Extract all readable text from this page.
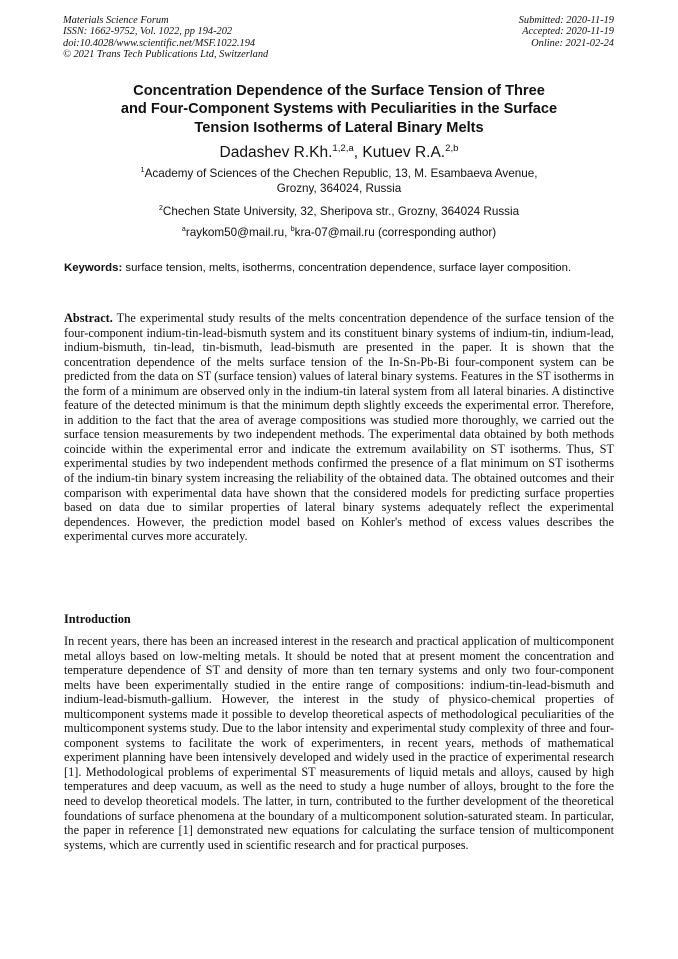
Materials Science Forum
ISSN: 1662-9752, Vol. 1022, pp 194-202
doi:10.4028/www.scientific.net/MSF.1022.194
© 2021 Trans Tech Publications Ltd, Switzerland
Submitted: 2020-11-19
Accepted: 2020-11-19
Online: 2021-02-24
Concentration Dependence of the Surface Tension of Three
and Four-Component Systems with Peculiarities in the Surface
Tension Isotherms of Lateral Binary Melts
Dadashev R.Kh.$^{1,2,a}$, Kutuev R.A.$^{2,b}$
$^1$Academy of Sciences of the Chechen Republic, 13, M. Esambaeva Avenue,
Grozny, 364024, Russia
$^2$Chechen State University, 32, Sheripova str., Grozny, 364024 Russia
$^a$raykom50@mail.ru, $^b$kra-07@mail.ru (corresponding author)
Keywords: surface tension, melts, isotherms, concentration dependence, surface layer composition.
Abstract. The experimental study results of the melts concentration dependence of the surface tension of the four-component indium-tin-lead-bismuth system and its constituent binary systems of indium-tin, indium-lead, indium-bismuth, tin-lead, tin-bismuth, lead-bismuth are presented in the paper. It is shown that the concentration dependence of the melts surface tension of the In-Sn-Pb-Bi four-component system can be predicted from the data on ST (surface tension) values of lateral binary systems. Features in the ST isotherms in the form of a minimum are observed only in the indium-tin lateral system from all lateral binaries. A distinctive feature of the detected minimum is that the minimum depth slightly exceeds the experimental error. Therefore, in addition to the fact that the area of average compositions was studied more thoroughly, we carried out the surface tension measurements by two independent methods. The experimental data obtained by both methods coincide within the experimental error and indicate the extremum availability on ST isotherms. Thus, ST experimental studies by two independent methods confirmed the presence of a flat minimum on ST isotherms of the indium-tin binary system increasing the reliability of the obtained data. The obtained outcomes and their comparison with experimental data have shown that the considered models for predicting surface properties based on data due to similar properties of lateral binary systems adequately reflect the experimental dependences. However, the prediction model based on Kohler's method of excess values describes the experimental curves more accurately.
Introduction
In recent years, there has been an increased interest in the research and practical application of multicomponent metal alloys based on low-melting metals. It should be noted that at present moment the concentration and temperature dependence of ST and density of more than ten ternary systems and only two four-component melts have been experimentally studied in the entire range of compositions: indium-tin-lead-bismuth and indium-lead-bismuth-gallium. However, the interest in the study of physico-chemical properties of multicomponent systems made it possible to develop theoretical aspects of methodological peculiarities of the multicomponent systems study. Due to the labor intensity and experimental study complexity of three and four-component systems to facilitate the work of experimenters, in recent years, methods of mathematical experiment planning have been intensively developed and widely used in the practice of experimental research [1]. Methodological problems of experimental ST measurements of liquid metals and alloys, caused by high temperatures and deep vacuum, as well as the need to study a huge number of alloys, brought to the fore the need to develop theoretical models. The latter, in turn, contributed to the further development of the theoretical foundations of surface phenomena at the boundary of a multicomponent solution-saturated steam. In particular, the paper in reference [1] demonstrated new equations for calculating the surface tension of multicomponent systems, which are currently used in scientific research and for practical purposes.
